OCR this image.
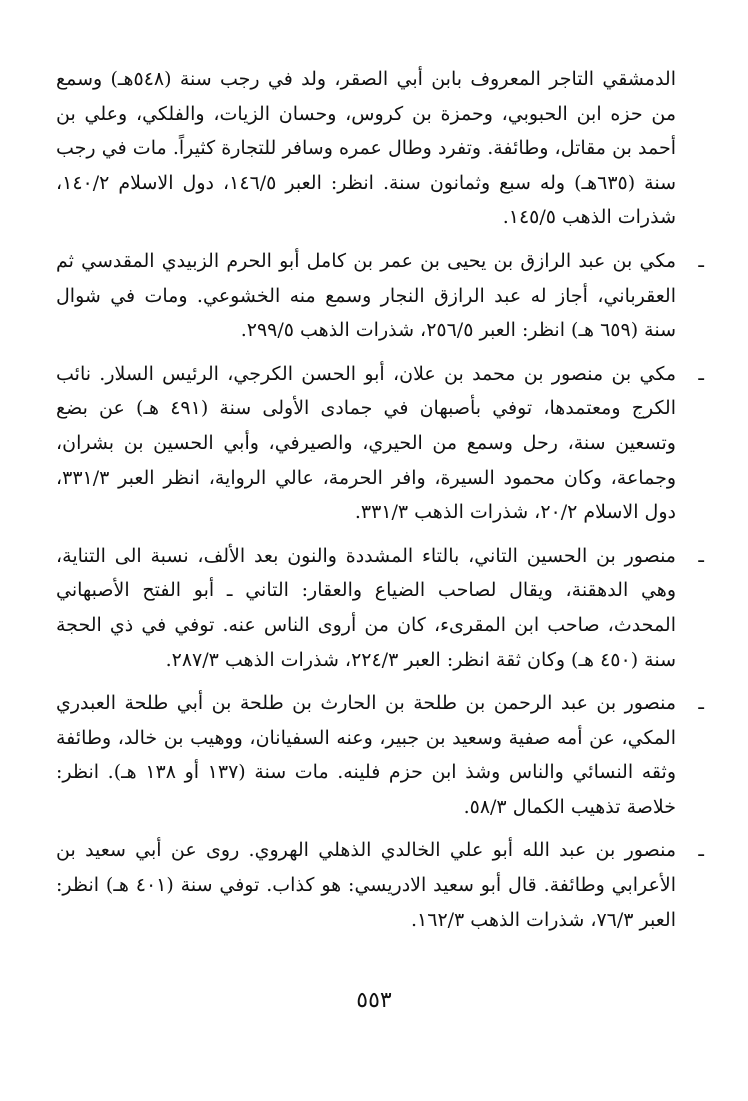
الدمشقي التاجر المعروف بابن أبي الصقر، ولد في رجب سنة (٥٤٨هـ) وسمع من حزه ابن الحبوبي، وحمزة بن كروس، وحسان الزيات، والفلكي، وعلي بن أحمد بن مقاتل، وطائفة. وتفرد وطال عمره وسافر للتجارة كثيراً. مات في رجب سنة (٦٣٥هـ) وله سبع وثمانون سنة. انظر: العبر ١٤٦/٥، دول الاسلام ١٤٠/٢، شذرات الذهب ١٤٥/٥.

ـ

مكي بن عبد الرازق بن يحيى بن عمر بن كامل أبو الحرم الزبيدي المقدسي ثم العقرباني، أجاز له عبد الرازق النجار وسمع منه الخشوعي. ومات في شوال سنة (٦٥٩ هـ) انظر: العبر ٢٥٦/٥، شذرات الذهب ٢٩٩/٥.

ـ

مكي بن منصور بن محمد بن علان، أبو الحسن الكرجي، الرئيس السلار. نائب الكرج ومعتمدها، توفي بأصبهان في جمادى الأولى سنة (٤٩١ هـ) عن بضع وتسعين سنة، رحل وسمع من الحيري، والصيرفي، وأبي الحسين بن بشران، وجماعة، وكان محمود السيرة، وافر الحرمة، عالي الرواية، انظر العبر ٣٣١/٣، دول الاسلام ٢٠/٢، شذرات الذهب ٣٣١/٣.

ـ

منصور بن الحسين التاني، بالتاء المشددة والنون بعد الألف، نسبة الى التناية، وهي الدهقنة، ويقال لصاحب الضياع والعقار: التاني ـ أبو الفتح الأصبهاني المحدث، صاحب ابن المقرىء، كان من أروى الناس عنه. توفي في ذي الحجة سنة (٤٥٠ هـ) وكان ثقة انظر: العبر ٢٢٤/٣، شذرات الذهب ٢٨٧/٣.

ـ

منصور بن عبد الرحمن بن طلحة بن الحارث بن طلحة بن أبي طلحة العبدري المكي، عن أمه صفية وسعيد بن جبير، وعنه السفيانان، ووهيب بن خالد، وطائفة وثقه النسائي والناس وشذ ابن حزم فلينه. مات سنة (١٣٧ أو ١٣٨ هـ). انظر: خلاصة تذهيب الكمال ٥٨/٣.

ـ

منصور بن عبد الله أبو علي الخالدي الذهلي الهروي. روى عن أبي سعيد بن الأعرابي وطائفة. قال أبو سعيد الادريسي: هو كذاب. توفي سنة (٤٠١ هـ) انظر: العبر ٧٦/٣، شذرات الذهب ١٦٢/٣.

٥٥٣
